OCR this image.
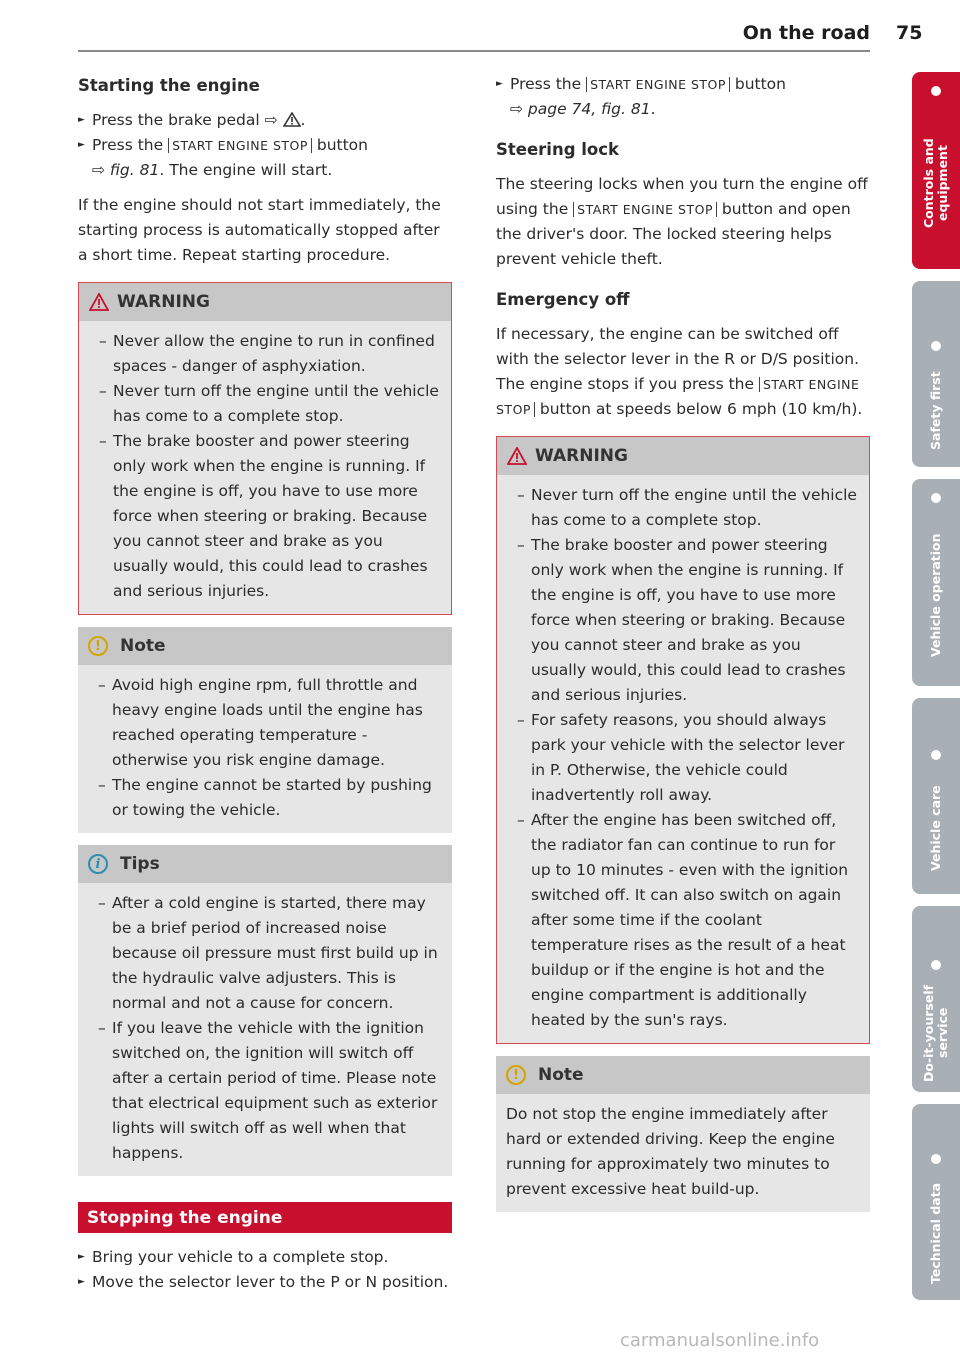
On the road 75
Starting the engine
► Press the brake pedal ⇨ .
► Press the START ENGINE STOP button
⇨ fig. 81. The engine will start.
If the engine should not start immediately, the starting process is automatically stopped after a short time. Repeat starting procedure.
WARNING
– Never allow the engine to run in confined spaces - danger of asphyxiation.
– Never turn off the engine until the vehicle has come to a complete stop.
– The brake booster and power steering only work when the engine is running. If the engine is off, you have to use more force when steering or braking. Because you cannot steer and brake as you usually would, this could lead to crashes and serious injuries.
!	Note
– Avoid high engine rpm, full throttle and heavy engine loads until the engine has reached operating temperature - otherwise you risk engine damage.
– The engine cannot be started by pushing or towing the vehicle.
i	Tips
– After a cold engine is started, there may be a brief period of increased noise because oil pressure must first build up in the hydraulic valve adjusters. This is normal and not a cause for concern.
– If you leave the vehicle with the ignition switched on, the ignition will switch off after a certain period of time. Please note that electrical equipment such as exterior lights will switch off as well when that happens.
Stopping the engine
► Bring your vehicle to a complete stop.
► Move the selector lever to the P or N position.
► Press the START ENGINE STOP button
⇨ page 74, fig. 81.
Steering lock
The steering locks when you turn the engine off using the START ENGINE STOP button and open the driver's door. The locked steering helps prevent vehicle theft.
Emergency off
If necessary, the engine can be switched off with the selector lever in the R or D/S position. The engine stops if you press the START ENGINE STOP button at speeds below 6 mph (10 km/h).
WARNING
– Never turn off the engine until the vehicle has come to a complete stop.
– The brake booster and power steering only work when the engine is running. If the engine is off, you have to use more force when steering or braking. Because you cannot steer and brake as you usually would, this could lead to crashes and serious injuries.
– For safety reasons, you should always park your vehicle with the selector lever in P. Otherwise, the vehicle could inadvertently roll away.
– After the engine has been switched off, the radiator fan can continue to run for up to 10 minutes - even with the ignition switched off. It can also switch on again after some time if the coolant temperature rises as the result of a heat buildup or if the engine is hot and the engine compartment is additionally heated by the sun's rays.
!	Note
Do not stop the engine immediately after hard or extended driving. Keep the engine running for approximately two minutes to prevent excessive heat build-up.
Controls and equipment
Safety first
Vehicle operation
Vehicle care
Do-it-yourself service
Technical data
carmanualsonline.info
